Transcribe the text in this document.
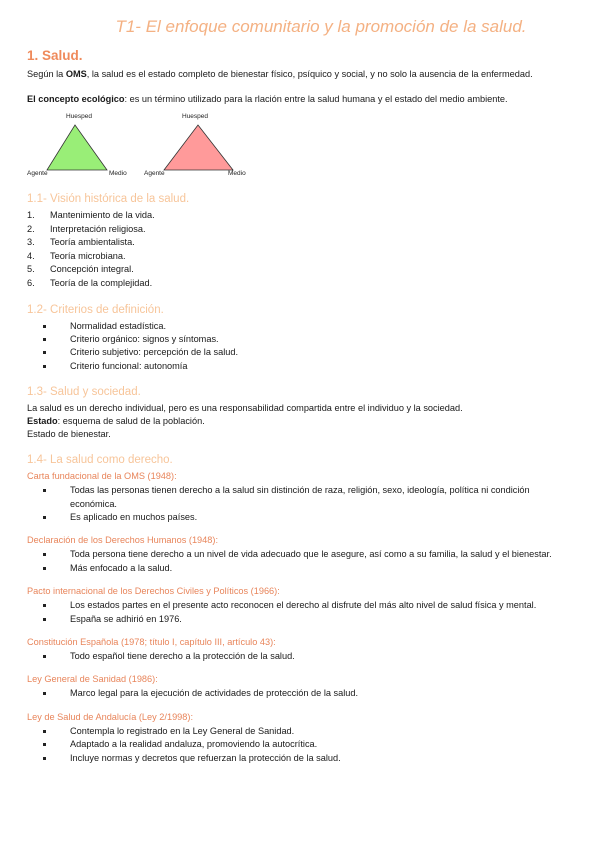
T1- El enfoque comunitario y la promoción de la salud.
1. Salud.

Según la OMS, la salud es el estado completo de bienestar físico, psíquico y social, y no solo la ausencia de la enfermedad.

El concepto ecológico: es un término utilizado para la rlación entre la salud humana y el estado del medio ambiente.

Huesped
Agente	Medio
Huesped
Agente	Medio
1.1- Visión histórica de la salud.
1. Mantenimiento de la vida.
2. Interpretación religiosa.
3. Teoría ambientalista.
4. Teoría microbiana.
5. Concepción integral.
6. Teoría de la complejidad.
1.2- Criterios de definición.
Normalidad estadística.
Criterio orgánico: signos y síntomas.
Criterio subjetivo: percepción de la salud.
Criterio funcional: autonomía
1.3- Salud y sociedad.

La salud es un derecho individual, pero es una responsabilidad compartida entre el individuo y la sociedad.

Estado: esquema de salud de la población.

Estado de bienestar.

1.4- La salud como derecho.
Carta fundacional de la OMS (1948):
Todas las personas tienen derecho a la salud sin distinción de raza, religión, sexo, ideología, política ni condición económica.
Es aplicado en muchos países.
Declaración de los Derechos Humanos (1948):
Toda persona tiene derecho a un nivel de vida adecuado que le asegure, así como a su familia, la salud y el bienestar.
Más enfocado a la salud.
Pacto internacional de los Derechos Civiles y Políticos (1966):
Los estados partes en el presente acto reconocen el derecho al disfrute del más alto nivel de salud física y mental.
España se adhirió en 1976.
Constitución Española (1978; título I, capítulo III, artículo 43):
Todo español tiene derecho a la protección de la salud.
Ley General de Sanidad (1986):
Marco legal para la ejecución de actividades de protección de la salud.
Ley de Salud de Andalucía (Ley 2/1998):
Contempla lo registrado en la Ley General de Sanidad.
Adaptado a la realidad andaluza, promoviendo la autocrítica.
Incluye normas y decretos que refuerzan la protección de la salud.
